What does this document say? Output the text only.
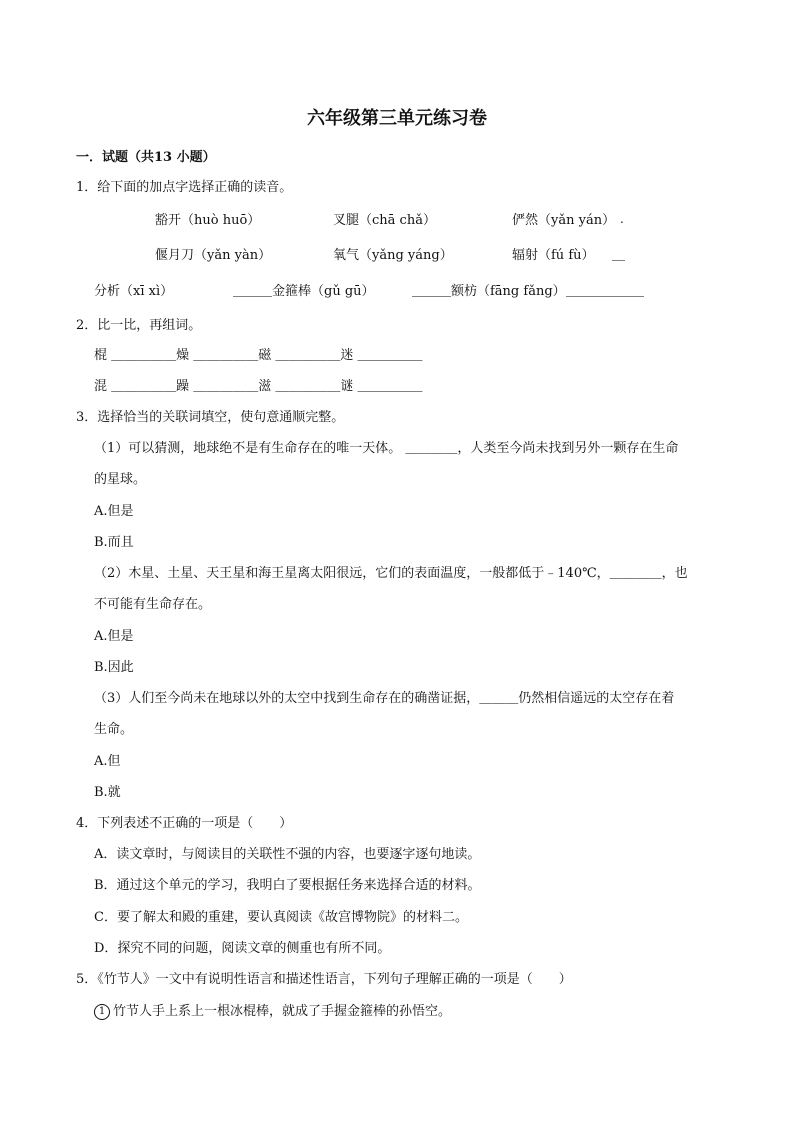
六年级第三单元练习卷
一．试题（共13 小题）
1．给下面的加点字选择正确的读音。
豁开（huò huō）	叉腿（chā chǎ）	俨然（yǎn yán） .
偃月刀（yǎn yàn）	氧气（yǎng yáng）	辐射（fú fù） ＿
分析（xī xì）	＿＿＿金箍棒（gǔ gū）	＿＿＿额枋（fāng fǎng） ＿＿＿＿＿＿
2．比一比，再组词。
棍 ＿＿＿＿＿燥 ＿＿＿＿＿磁 ＿＿＿＿＿迷 ＿＿＿＿＿
混 ＿＿＿＿＿躁 ＿＿＿＿＿滋 ＿＿＿＿＿谜 ＿＿＿＿＿
3．选择恰当的关联词填空，使句意通顺完整。
（1）可以猜测，地球绝不是有生命存在的唯一天体。 ＿＿＿＿，人类至今尚未找到另外一颗存在生命
的星球。
A.但是
B.而且
（2）木星、土星、天王星和海王星离太阳很远，它们的表面温度，一般都低于﹣140℃，＿＿＿＿，也
不可能有生命存在。
A.但是
B.因此
（3）人们至今尚未在地球以外的太空中找到生命存在的确凿证据，＿＿＿仍然相信遥远的太空存在着
生命。
A.但
B.就
4．下列表述不正确的一项是（　　）
A．读文章时，与阅读目的关联性不强的内容，也要逐字逐句地读。
B．通过这个单元的学习，我明白了要根据任务来选择合适的材料。
C．要了解太和殿的重建，要认真阅读《故宫博物院》的材料二。
D．探究不同的问题，阅读文章的侧重也有所不同。
5．《竹节人》一文中有说明性语言和描述性语言，下列句子理解正确的一项是（　　）
1 竹节人手上系上一根冰棍棒，就成了手握金箍棒的孙悟空。
